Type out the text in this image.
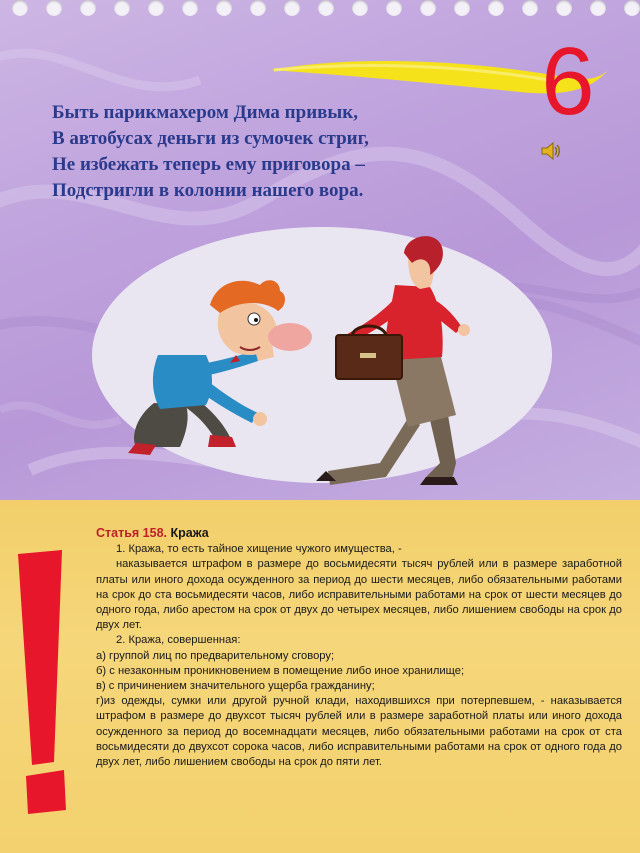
6
Быть парикмахером Дима привык,
В автобусах деньги из сумочек стриг,
Не избежать теперь ему приговора –
Подстригли в колонии нашего вора.
Статья 158. Кража
1. Кража, то есть тайное хищение чужого имущества, -
наказывается штрафом в размере до восьмидесяти тысяч рублей или в размере заработной платы или иного дохода осужденного за период до шести месяцев, либо обязательными работами на срок до ста восьмидесяти часов, либо исправительными работами на срок от шести месяцев до одного года, либо арестом на срок от двух до четырех месяцев, либо лишением свободы на срок до двух лет.
2. Кража, совершенная:
а) группой лиц по предварительному сговору;
б) с незаконным проникновением в помещение либо иное хранилище;
в) с причинением значительного ущерба гражданину;
г)из одежды, сумки или другой ручной клади, находившихся при потерпевшем, - наказывается штрафом в размере до двухсот тысяч рублей или в размере заработной платы или иного дохода осужденного за период до восемнадцати месяцев, либо обязательными работами на срок от ста восьмидесяти до двухсот сорока часов, либо исправительными работами на срок от одного года до двух лет, либо лишением свободы на срок до пяти лет.
